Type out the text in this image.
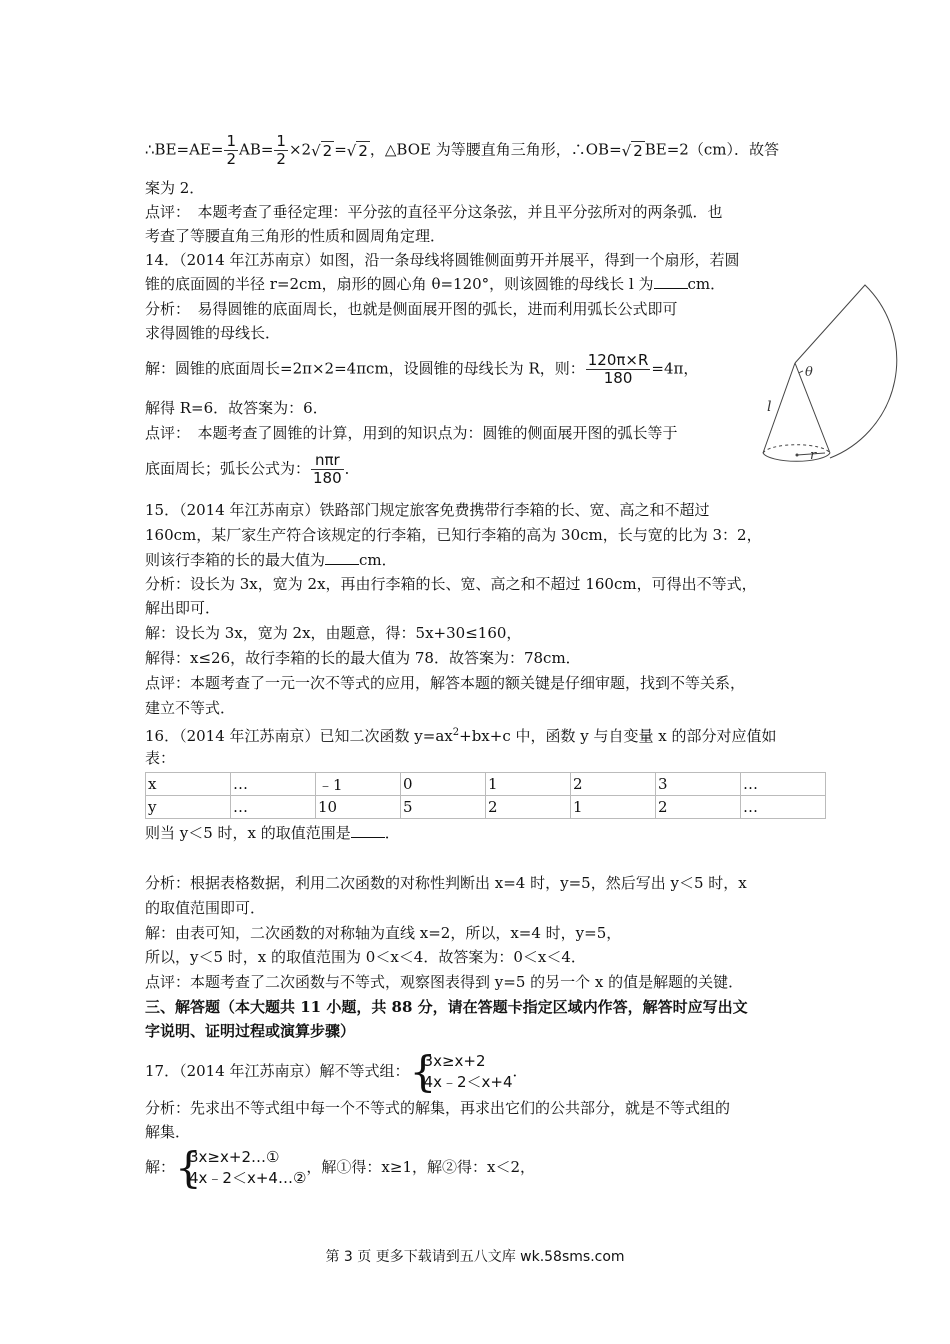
∴BE=AE= $\frac{1}{2} AB= \frac{1}{2} \times 2√$ 2 =√ 2 ，△BOE 为等腰直角三角形，∴OB=√ 2 BE=2（cm）．故答
案为 2．
点评：　本题考查了垂径定理：平分弦的直径平分这条弦，并且平分弦所对的两条弧．也
考查了等腰直角三角形的性质和圆周角定理．
14．（2014 年江苏南京）如图，沿一条母线将圆锥侧面剪开并展平，得到一个扇形，若圆
锥的底面圆的半径 r=2cm，扇形的圆心角 θ=120°，则该圆锥的母线长 l 为 cm．
分析：　易得圆锥的底面周长，也就是侧面展开图的弧长，进而利用弧长公式即可
求得圆锥的母线长．
解：圆锥的底面周长=2π×2=4πcm，设圆锥的母线长为 R，则： $\frac{120\pi\times R}{180} =4\pi$，
解得 R=6．故答案为：6．
点评：　本题考查了圆锥的计算，用到的知识点为：圆锥的侧面展开图的弧长等于
底面周长；弧长公式为： $\frac{\text{nπr}}{180}$ ．
θ
l
r
15．（2014 年江苏南京）铁路部门规定旅客免费携带行李箱的长、宽、高之和不超过
160cm，某厂家生产符合该规定的行李箱，已知行李箱的高为 30cm，长与宽的比为 3：2，
则该行李箱的长的最大值为 cm．
分析：设长为 3x，宽为 2x，再由行李箱的长、宽、高之和不超过 160cm，可得出不等式，
解出即可．
解：设长为 3x，宽为 2x，由题意，得：5x+30≤160，
解得：x≤26，故行李箱的长的最大值为 78．故答案为：78cm．
点评：本题考查了一元一次不等式的应用，解答本题的额关键是仔细审题，找到不等关系，
建立不等式．
16．（2014 年江苏南京）已知二次函数 $y=ax^2+bx+c$ 中，函数 y 与自变量 x 的部分对应值如
表：
x	…	﹣1	0	1	2	3	…
y	…	10	5	2	1	2	…
则当 y＜5 时，x 的取值范围是 ．
分析：根据表格数据，利用二次函数的对称性判断出 x=4 时，y=5，然后写出 y＜5 时，x
的取值范围即可．
解：由表可知，二次函数的对称轴为直线 x=2，所以，x=4 时，y=5，
所以，y＜5 时，x 的取值范围为 0＜x＜4．故答案为：0＜x＜4．
点评：本题考查了二次函数与不等式，观察图表得到 y=5 的另一个 x 的值是解题的关键．
三、解答题（本大题共 11 小题，共 88 分，请在答题卡指定区域内作答，解答时应写出文
字说明、证明过程或演算步骤）
17．（2014 年江苏南京）解不等式组： {
3x≥x+2
4x﹣2＜x+4
．
分析：先求出不等式组中每一个不等式的解集，再求出它们的公共部分，就是不等式组的
解集．
解： {
3x≥x+2…①
4x﹣2＜x+4…②
，解①得：x≥1，解②得：x＜2，
第 3 页 更多下载请到五八文库 wk.58sms.com
